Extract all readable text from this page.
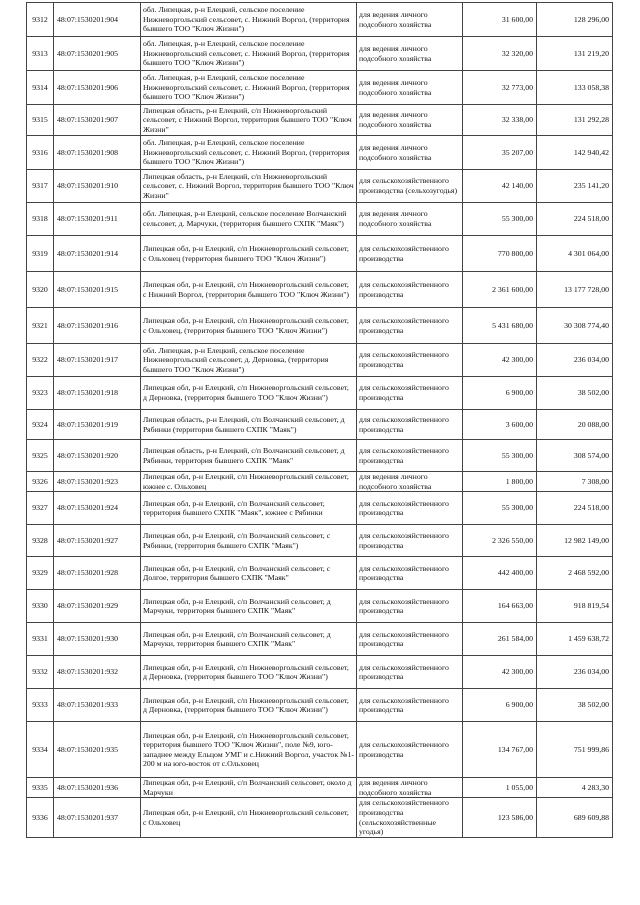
9312	48:07:1530201:904	обл. Липецкая, р-н Елецкий, сельское поселение Нижневоргольский сельсовет, с. Нижний Воргол, (территория бывшего ТОО "Ключ Жизни")	для ведения личного подсобного хозяйства	31 600,00	128 296,00
9313	48:07:1530201:905	обл. Липецкая, р-н Елецкий, сельское поселение Нижневоргольский сельсовет, с. Нижний Воргол, (территория бывшего ТОО "Ключ Жизни")	для ведения личного подсобного хозяйства	32 320,00	131 219,20
9314	48:07:1530201:906	обл. Липецкая, р-н Елецкий, сельское поселение Нижневоргольский сельсовет, с. Нижний Воргол, (территория бывшего ТОО "Ключ Жизни")	для ведения личного подсобного хозяйства	32 773,00	133 058,38
9315	48:07:1530201:907	Липецкая область, р-н Елецкий, с/п Нижневоргольский сельсовет, с Нижний Воргол, территория бывшего ТОО "Ключ Жизни"	для ведения личного подсобного хозяйства	32 338,00	131 292,28
9316	48:07:1530201:908	обл. Липецкая, р-н Елецкий, сельское поселение Нижневоргольский сельсовет, с. Нижний Воргол, (территория бывшего ТОО "Ключ Жизни")	для ведения личного подсобного хозяйства	35 207,00	142 940,42
9317	48:07:1530201:910	Липецкая область, р-н Елецкий, с/п Нижневоргольский сельсовет, с. Нижний Воргол, территория бывшего ТОО "Ключ Жизни"	для сельскохозяйственного производства (сельхозугодья)	42 140,00	235 141,20
9318	48:07:1530201:911	обл. Липецкая, р-н Елецкий, сельское поселение Волчанский сельсовет, д. Марчуки, (территория бывшего СХПК "Маяк")	для ведения личного подсобного хозяйства	55 300,00	224 518,00
9319	48:07:1530201:914	Липецкая обл, р-н Елецкий, с/п Нижневоргольский сельсовет, с Ольховец (территория бывшего ТОО "Ключ Жизни")	для сельскохозяйственного производства	770 800,00	4 301 064,00
9320	48:07:1530201:915	Липецкая обл, р-н Елецкий, с/п Нижневоргольский сельсовет, с Нижний Воргол, (территория бывшего ТОО "Ключ Жизни")	для сельскохозяйственного производства	2 361 600,00	13 177 728,00
9321	48:07:1530201:916	Липецкая обл, р-н Елецкий, с/п Нижневоргольский сельсовет, с Ольховец, (территория бывшего ТОО "Ключ Жизни")	для сельскохозяйственного производства	5 431 680,00	30 308 774,40
9322	48:07:1530201:917	обл. Липецкая, р-н Елецкий, сельское поселение Нижневоргольский сельсовет, д. Дерновка, (территория бывшего ТОО "Ключ Жизни")	для сельскохозяйственного производства	42 300,00	236 034,00
9323	48:07:1530201:918	Липецкая обл, р-н Елецкий, с/п Нижневоргольский сельсовет, д Дерновка, (территория бывшего ТОО "Ключ Жизни")	для сельскохозяйственного производства	6 900,00	38 502,00
9324	48:07:1530201:919	Липецкая область, р-н Елецкий, с/п Волчанский сельсовет, д Рябинки (территория бывшего СХПК "Маяк")	для сельскохозяйственного производства	3 600,00	20 088,00
9325	48:07:1530201:920	Липецкая область, р-н Елецкий, с/п Волчанский сельсовет, д Рябинки, территория бывшего СХПК "Маяк"	для сельскохозяйственного производства	55 300,00	308 574,00
9326	48:07:1530201:923	Липецкая обл, р-н Елецкий, с/п Нижневоргольский сельсовет, южнее с. Ольховец	для ведения личного подсобного хозяйства	1 800,00	7 308,00
9327	48:07:1530201:924	Липецкая обл, р-н Елецкий, с/п Волчанский сельсовет, территория бывшего СХПК "Маяк", южнее с Рябинки	для сельскохозяйственного производства	55 300,00	224 518,00
9328	48:07:1530201:927	Липецкая обл, р-н Елецкий, с/п Волчанский сельсовет, с Рябинки, (территория бывшего СХПК "Маяк")	для сельскохозяйственного производства	2 326 550,00	12 982 149,00
9329	48:07:1530201:928	Липецкая обл, р-н Елецкий, с/п Волчанский сельсовет, с Долгое, территория бывшего СХПК "Маяк"	для сельскохозяйственного производства	442 400,00	2 468 592,00
9330	48:07:1530201:929	Липецкая обл, р-н Елецкий, с/п Волчанский сельсовет, д Марчуки, территория бывшего СХПК "Маяк"	для сельскохозяйственного производства	164 663,00	918 819,54
9331	48:07:1530201:930	Липецкая обл, р-н Елецкий, с/п Волчанский сельсовет, д Марчуки, территория бывшего СХПК "Маяк"	для сельскохозяйственного производства	261 584,00	1 459 638,72
9332	48:07:1530201:932	Липецкая обл, р-н Елецкий, с/п Нижневоргольский сельсовет, д Дерновка, (территория бывшего ТОО "Ключ Жизни")	для сельскохозяйственного производства	42 300,00	236 034,00
9333	48:07:1530201:933	Липецкая обл, р-н Елецкий, с/п Нижневоргольский сельсовет, д Дерновка, (территория бывшего ТОО "Ключ Жизни")	для сельскохозяйственного производства	6 900,00	38 502,00
9334	48:07:1530201:935	Липецкая обл, р-н Елецкий, с/п Нижневоргольский сельсовет, территория бывшего ТОО "Ключ Жизни", поле №9, юго-западнее между Ельцом УМГ и с.Нижний Воргол, участок №1-200 м на юго-восток от с.Ольховец	для сельскохозяйственного производства	134 767,00	751 999,86
9335	48:07:1530201:936	Липецкая обл, р-н Елецкий, с/п Волчанский сельсовет, около д Марчуки	для ведения личного подсобного хозяйства	1 055,00	4 283,30
9336	48:07:1530201:937	Липецкая обл, р-н Елецкий, с/п Нижневоргольский сельсовет, с Ольховец	для сельскохозяйственного производства (сельскохозяйственные угодья)	123 586,00	689 609,88
